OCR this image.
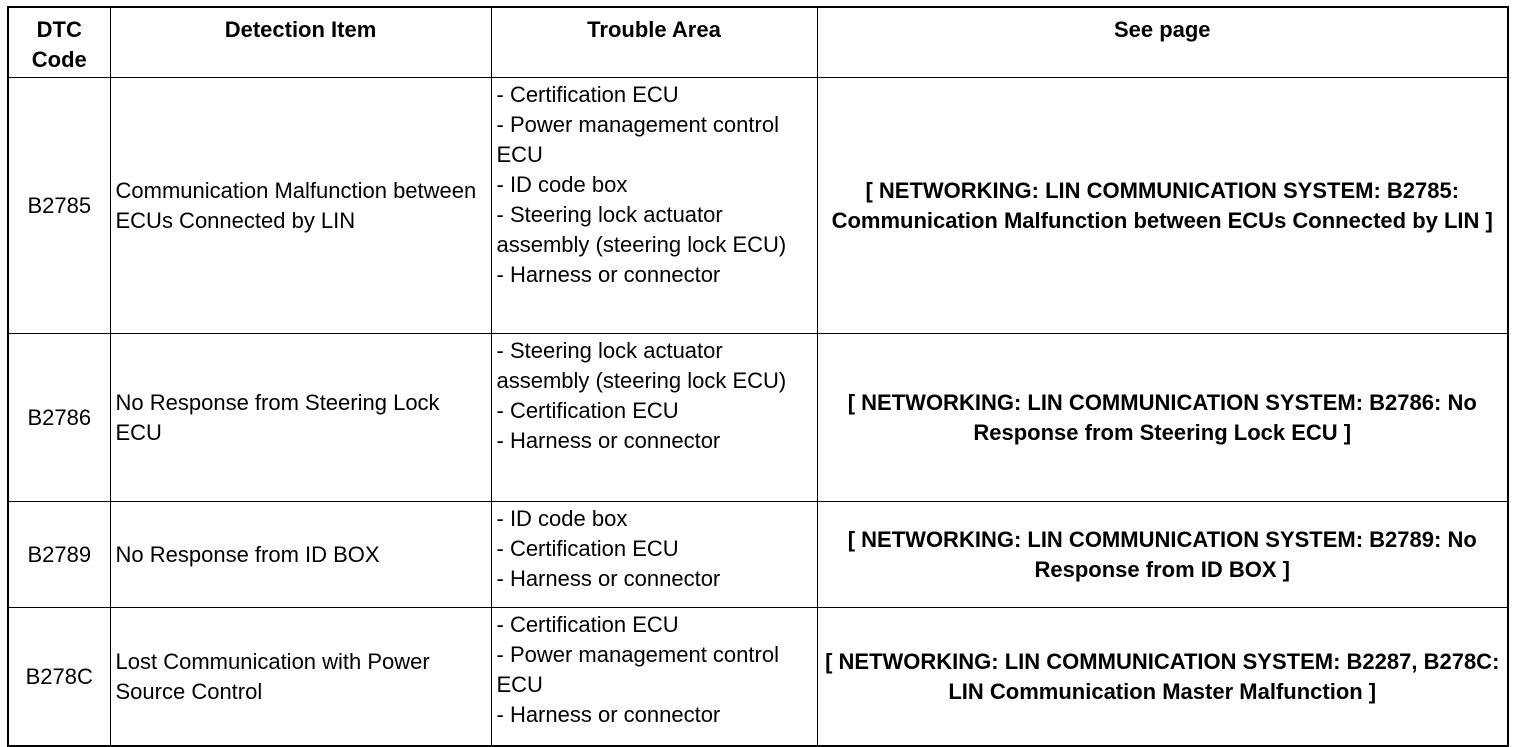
DTC Code	Detection Item	Trouble Area	See page
B2785	Communication Malfunction between ECUs Connected by LIN	- Certification ECU
- Power management control ECU
- ID code box
- Steering lock actuator assembly (steering lock ECU)
- Harness or connector	[ NETWORKING: LIN COMMUNICATION SYSTEM: B2785: Communication Malfunction between ECUs Connected by LIN ]
B2786	No Response from Steering Lock ECU	- Steering lock actuator assembly (steering lock ECU)
- Certification ECU
- Harness or connector	[ NETWORKING: LIN COMMUNICATION SYSTEM: B2786: No Response from Steering Lock ECU ]
B2789	No Response from ID BOX	- ID code box
- Certification ECU
- Harness or connector	[ NETWORKING: LIN COMMUNICATION SYSTEM: B2789: No Response from ID BOX ]
B278C	Lost Communication with Power Source Control	- Certification ECU
- Power management control ECU
- Harness or connector	[ NETWORKING: LIN COMMUNICATION SYSTEM: B2287, B278C: LIN Communication Master Malfunction ]
